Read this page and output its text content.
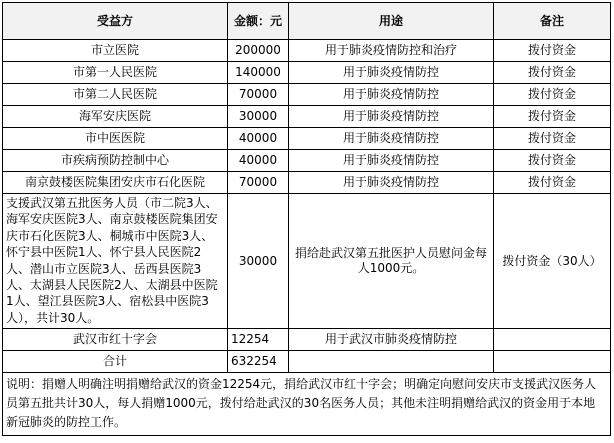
受益方	金额：元	用途	备注
市立医院	200000	用于肺炎疫情防控和治疗	拨付资金
市第一人民医院	140000	用于肺炎疫情防控	拨付资金
市第二人民医院	70000	用于肺炎疫情防控	拨付资金
海军安庆医院	30000	用于肺炎疫情防控	拨付资金
市中医医院	40000	用于肺炎疫情防控	拨付资金
市疾病预防控制中心	40000	用于肺炎疫情防控	拨付资金
南京鼓楼医院集团安庆市石化医院	70000	用于肺炎疫情防控	拨付资金
支援武汉第五批医务人员（市二院3人、海军安庆医院3人、南京鼓楼医院集团安庆市石化医院3人、桐城市中医院3人、怀宁县中医院1人、怀宁县人民医院2人、潜山市立医院3人、岳西县医院3人、太湖县人民医院2人、太湖县中医院1人、望江县医院3人、宿松县中医院3人），共计30人。	30000	捐给赴武汉第五批医护人员慰问金每人1000元。	拨付资金（30人）
武汉市红十字会	12254	用于武汉市肺炎疫情防控	
合计	632254		
说明：捐赠人明确注明捐赠给武汉的资金12254元，捐给武汉市红十字会；明确定向慰问安庆市支援武汉医务人员第五批共计30人，每人捐赠1000元，拨付给赴武汉的30名医务人员；其他未注明捐赠给武汉的资金用于本地新冠肺炎的防控工作。			
